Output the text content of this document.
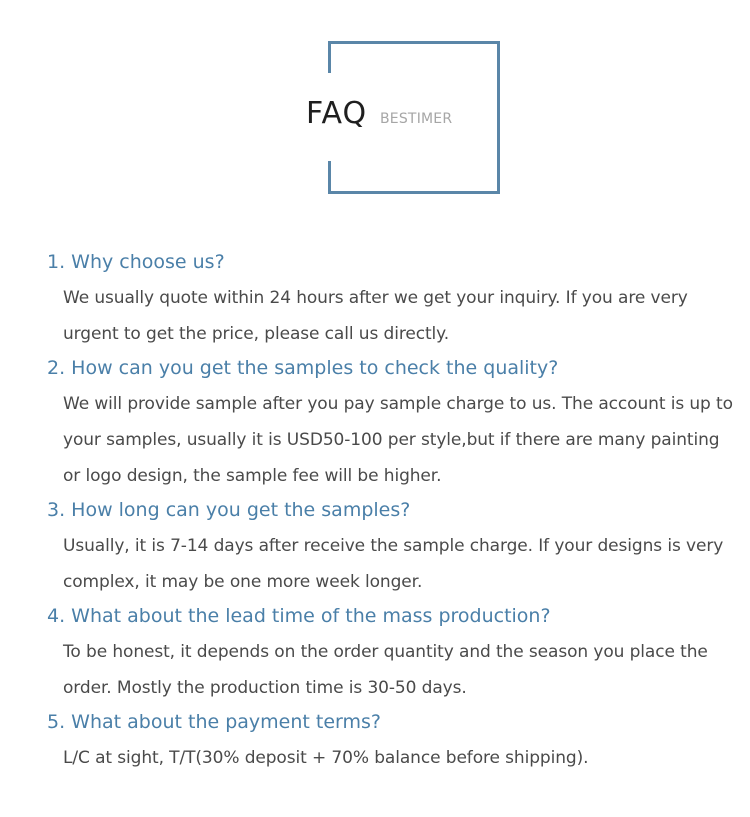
FAQ BESTIMER
1. Why choose us?
We usually quote within 24 hours after we get your inquiry. If you are very urgent to get the price, please call us directly.
2. How can you get the samples to check the quality?
We will provide sample after you pay sample charge to us. The account is up to your samples, usually it is USD50-100 per style,but if there are many painting or logo design, the sample fee will be higher.
3. How long can you get the samples?
Usually, it is 7-14 days after receive the sample charge. If your designs is very complex, it may be one more week longer.
4. What about the lead time of the mass production?
To be honest, it depends on the order quantity and the season you place the order. Mostly the production time is 30-50 days.
5. What about the payment terms?
L/C at sight, T/T(30% deposit + 70% balance before shipping).
